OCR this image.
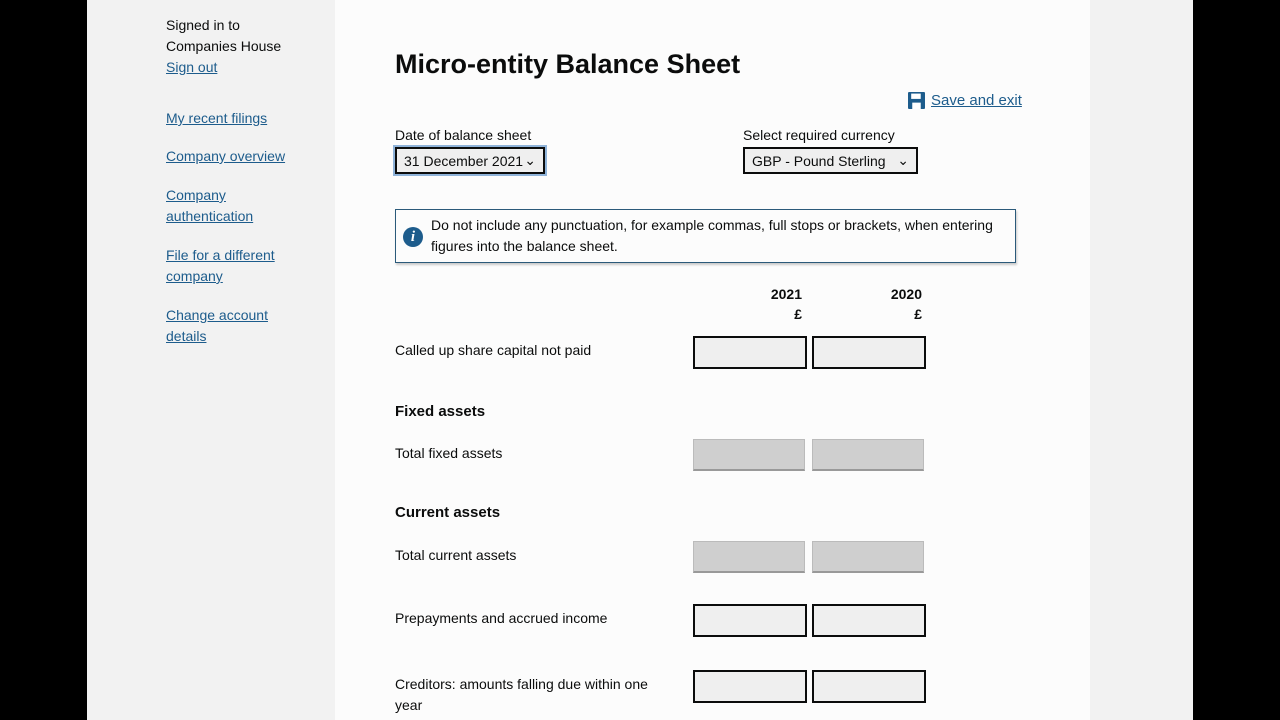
Signed in to
Companies House
Sign out
My recent filings
Company overview
Company authentication
File for a different company
Change account details
Micro-entity Balance Sheet
Save and exit
Date of balance sheet
31 December 2021 ⌄
Select required currency
GBP - Pound Sterling ⌄
i
Do not include any punctuation, for example commas, full stops or brackets, when entering figures into the balance sheet.
2021
£
2020
£
Called up share capital not paid
Fixed assets
Total fixed assets
Current assets
Total current assets
Prepayments and accrued income
Creditors: amounts falling due within one year
